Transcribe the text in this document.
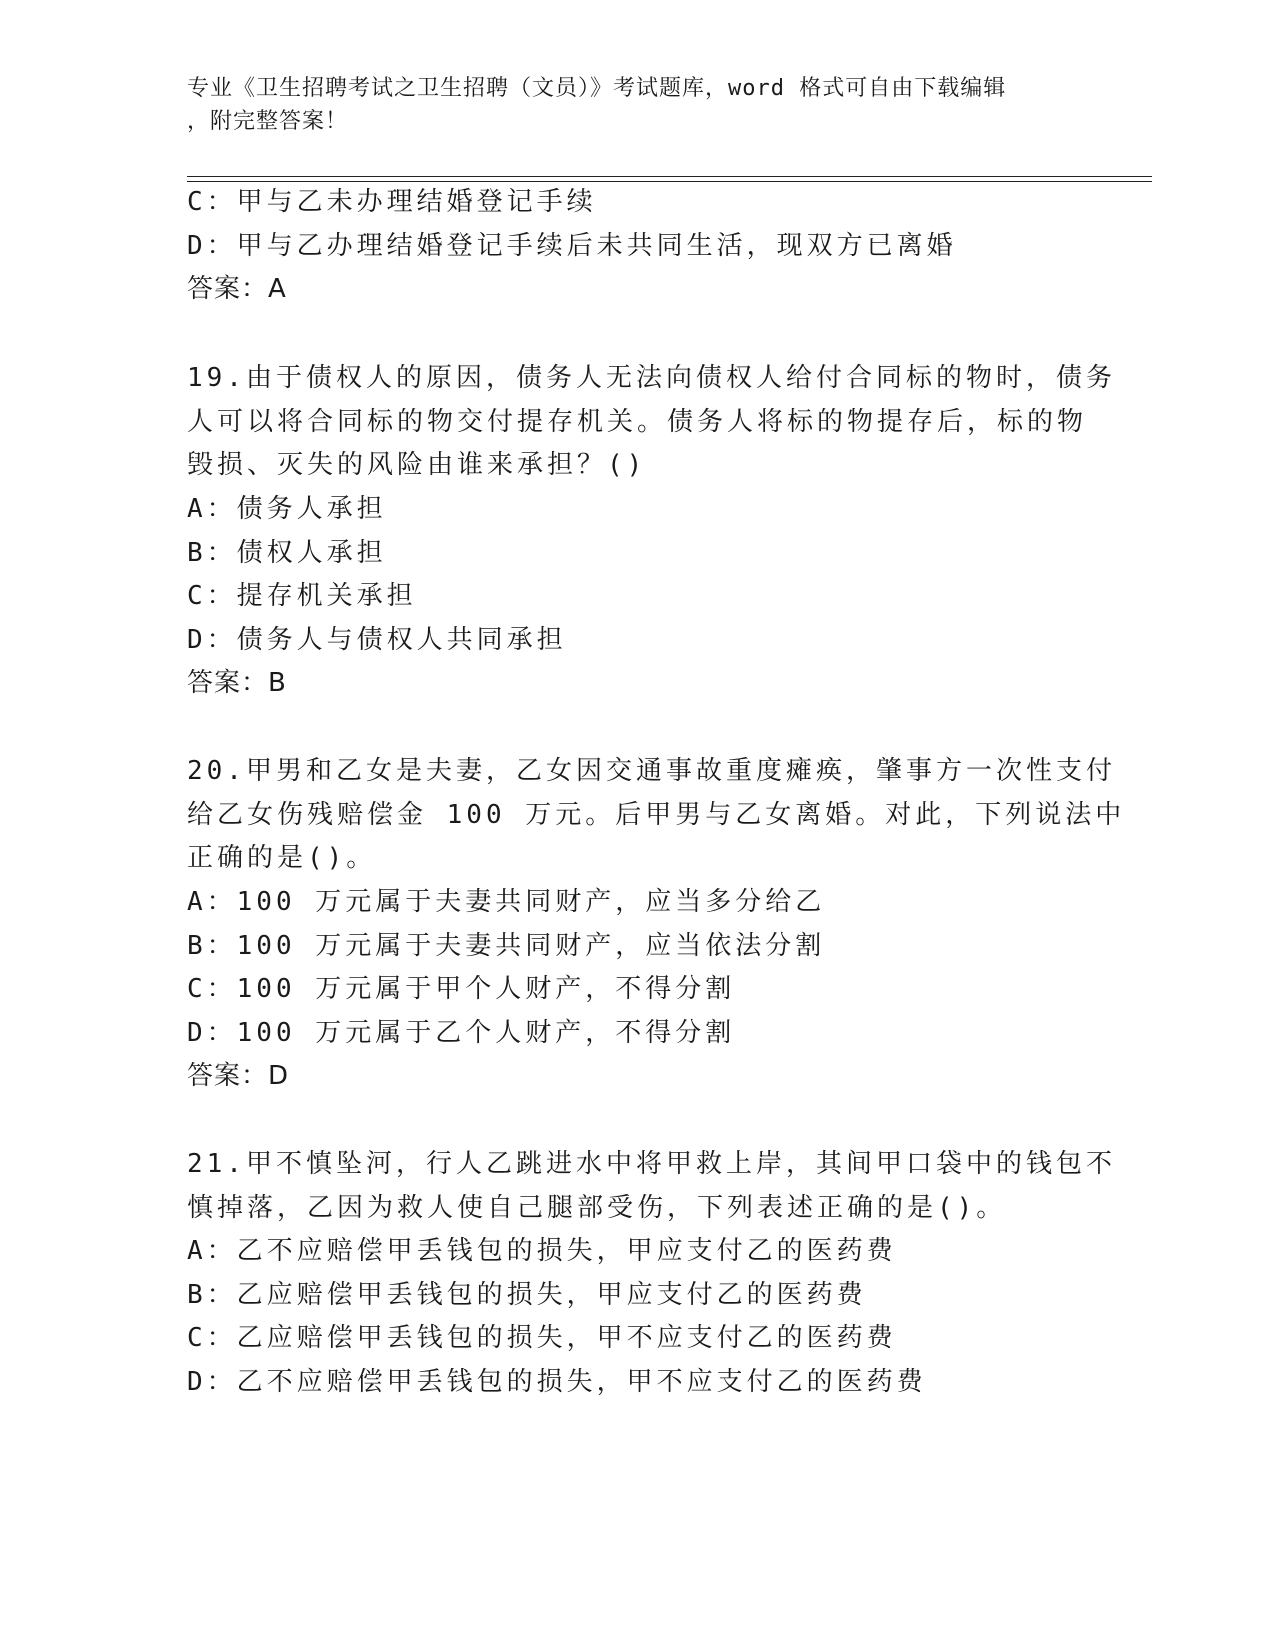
专业《卫生招聘考试之卫生招聘（文员）》考试题库，word 格式可自由下载编辑
，附完整答案！
C：甲与乙未办理结婚登记手续
D：甲与乙办理结婚登记手续后未共同生活，现双方已离婚
答案：A
19.由于债权人的原因，债务人无法向债权人给付合同标的物时，债务
人可以将合同标的物交付提存机关。债务人将标的物提存后，标的物
毁损、灭失的风险由谁来承担？()
A：债务人承担
B：债权人承担
C：提存机关承担
D：债务人与债权人共同承担
答案：B
20.甲男和乙女是夫妻，乙女因交通事故重度瘫痪，肇事方一次性支付
给乙女伤残赔偿金 100 万元。后甲男与乙女离婚。对此，下列说法中
正确的是()。
A：100 万元属于夫妻共同财产，应当多分给乙
B：100 万元属于夫妻共同财产，应当依法分割
C：100 万元属于甲个人财产，不得分割
D：100 万元属于乙个人财产，不得分割
答案：D
21.甲不慎坠河，行人乙跳进水中将甲救上岸，其间甲口袋中的钱包不
慎掉落，乙因为救人使自己腿部受伤，下列表述正确的是()。
A：乙不应赔偿甲丢钱包的损失，甲应支付乙的医药费
B：乙应赔偿甲丢钱包的损失，甲应支付乙的医药费
C：乙应赔偿甲丢钱包的损失，甲不应支付乙的医药费
D：乙不应赔偿甲丢钱包的损失，甲不应支付乙的医药费
